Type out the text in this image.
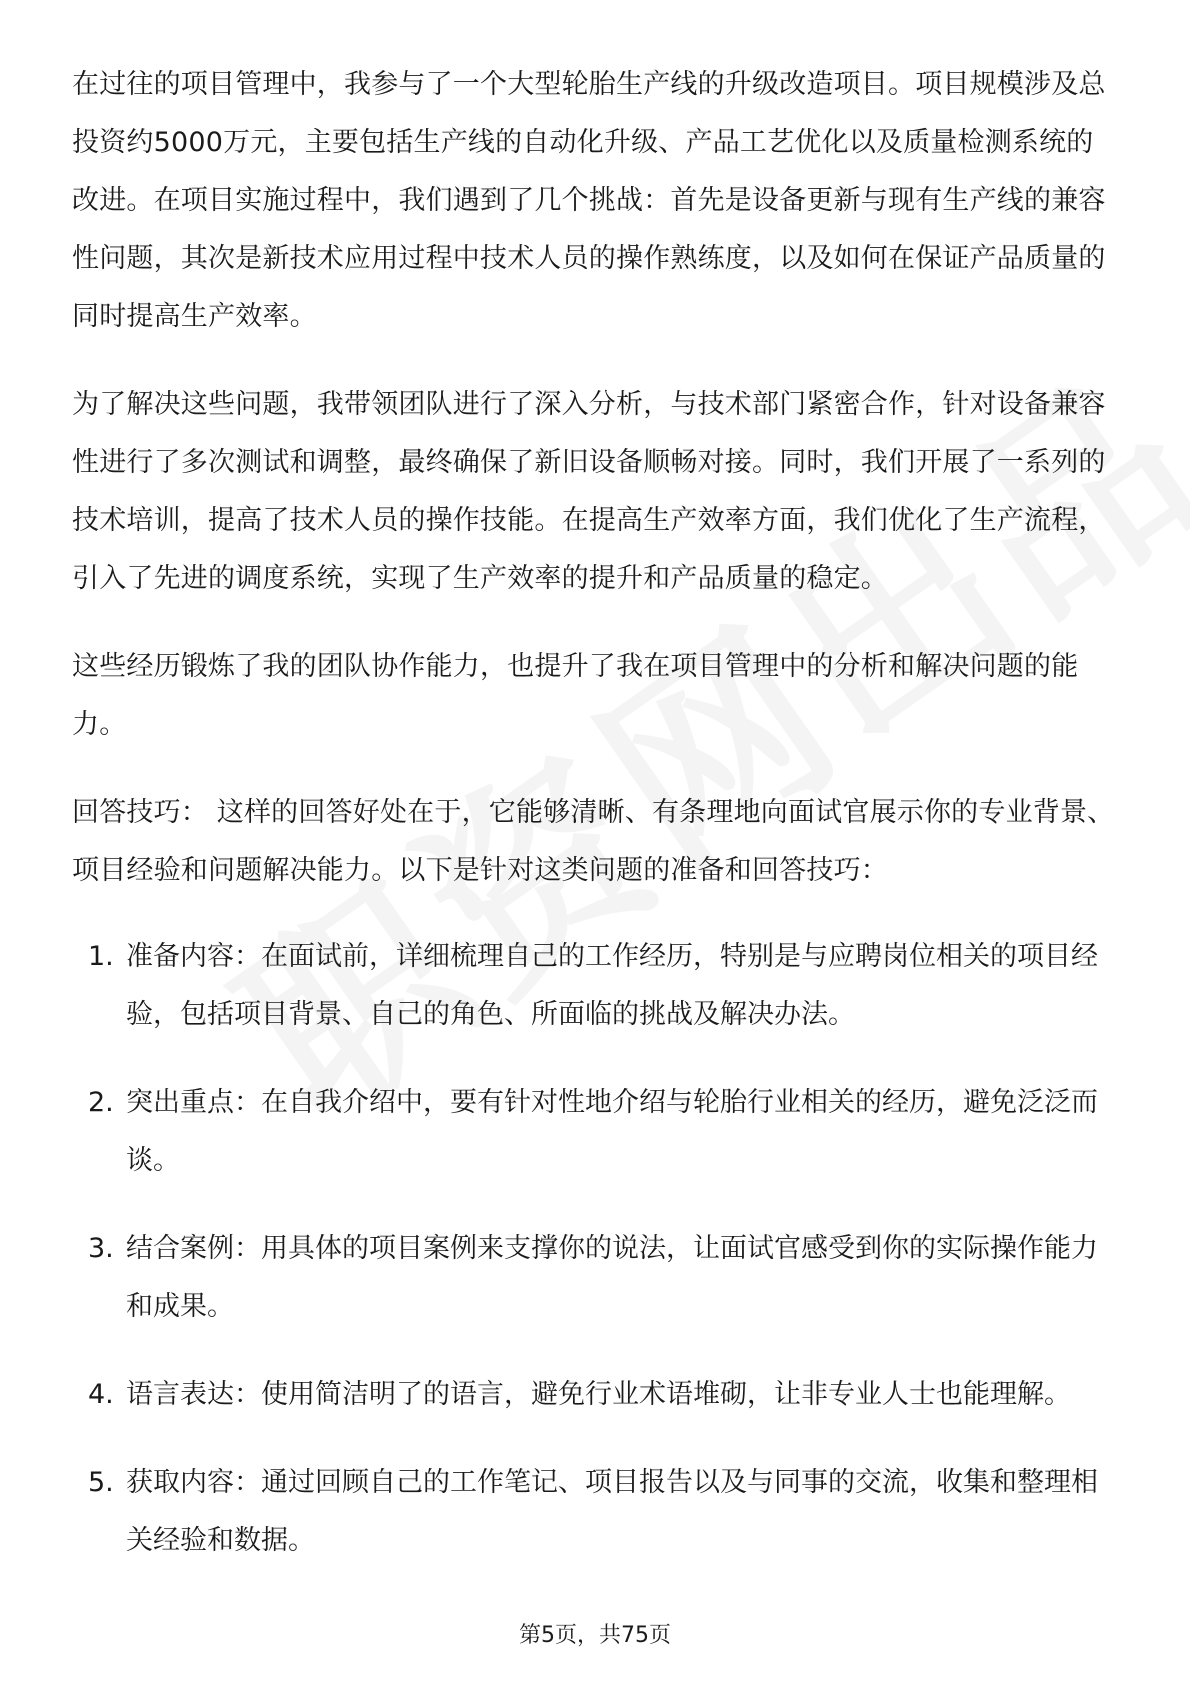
在过往的项目管理中，我参与了一个大型轮胎生产线的升级改造项目。项目规模涉及总投资约5000万元，主要包括生产线的自动化升级、产品工艺优化以及质量检测系统的改进。在项目实施过程中，我们遇到了几个挑战：首先是设备更新与现有生产线的兼容性问题，其次是新技术应用过程中技术人员的操作熟练度，以及如何在保证产品质量的同时提高生产效率。

为了解决这些问题，我带领团队进行了深入分析，与技术部门紧密合作，针对设备兼容性进行了多次测试和调整，最终确保了新旧设备顺畅对接。同时，我们开展了一系列的技术培训，提高了技术人员的操作技能。在提高生产效率方面，我们优化了生产流程，引入了先进的调度系统，实现了生产效率的提升和产品质量的稳定。

这些经历锻炼了我的团队协作能力，也提升了我在项目管理中的分析和解决问题的能力。

回答技巧： 这样的回答好处在于，它能够清晰、有条理地向面试官展示你的专业背景、项目经验和问题解决能力。以下是针对这类问题的准备和回答技巧：

1. 准备内容：在面试前，详细梳理自己的工作经历，特别是与应聘岗位相关的项目经验，包括项目背景、自己的角色、所面临的挑战及解决办法。
2. 突出重点：在自我介绍中，要有针对性地介绍与轮胎行业相关的经历，避免泛泛而谈。
3. 结合案例：用具体的项目案例来支撑你的说法，让面试官感受到你的实际操作能力和成果。
4. 语言表达：使用简洁明了的语言，避免行业术语堆砌，让非专业人士也能理解。
5. 获取内容：通过回顾自己的工作笔记、项目报告以及与同事的交流，收集和整理相关经验和数据。
第5页，共75页
